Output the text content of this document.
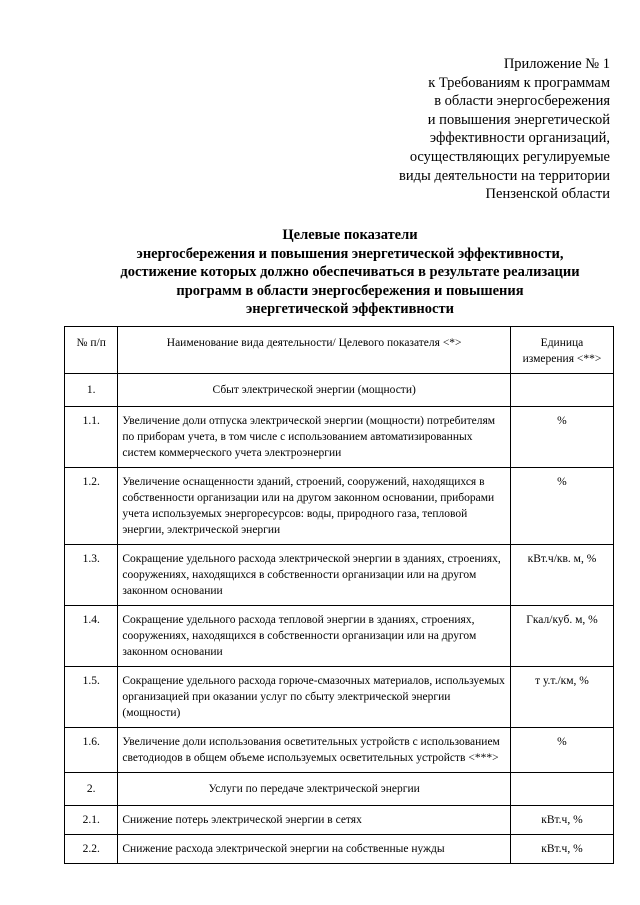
Приложение № 1
к Требованиям к программам
в области энергосбережения
и повышения энергетической
эффективности организаций,
осуществляющих регулируемые
виды деятельности на территории
Пензенской области
Целевые показатели
энергосбережения и повышения энергетической эффективности,
достижение которых должно обеспечиваться в результате реализации
программ в области энергосбережения и повышения
энергетической эффективности
№ п/п	Наименование вида деятельности/ Целевого показателя <*>	Единица
измерения <**>
1.	Сбыт электрической энергии (мощности)	
1.1.	Увеличение доли отпуска электрической энергии (мощности) потребителям по приборам учета, в том числе с использованием автоматизированных систем коммерческого учета электроэнергии	%
1.2.	Увеличение оснащенности зданий, строений, сооружений, находящихся в собственности организации или на другом законном основании, приборами учета используемых энергоресурсов: воды, природного газа, тепловой энергии, электрической энергии	%
1.3.	Сокращение удельного расхода электрической энергии в зданиях, строениях, сооружениях, находящихся в собственности организации или на другом законном основании	кВт.ч/кв. м, %
1.4.	Сокращение удельного расхода тепловой энергии в зданиях, строениях, сооружениях, находящихся в собственности организации или на другом законном основании	Гкал/куб. м, %
1.5.	Сокращение удельного расхода горюче-смазочных материалов, используемых организацией при оказании услуг по сбыту электрической энергии (мощности)	т у.т./км, %
1.6.	Увеличение доли использования осветительных устройств с использованием светодиодов в общем объеме используемых осветительных устройств <***>	%
2.	Услуги по передаче электрической энергии	
2.1.	Снижение потерь электрической энергии в сетях	кВт.ч, %
2.2.	Снижение расхода электрической энергии на собственные нужды	кВт.ч, %
